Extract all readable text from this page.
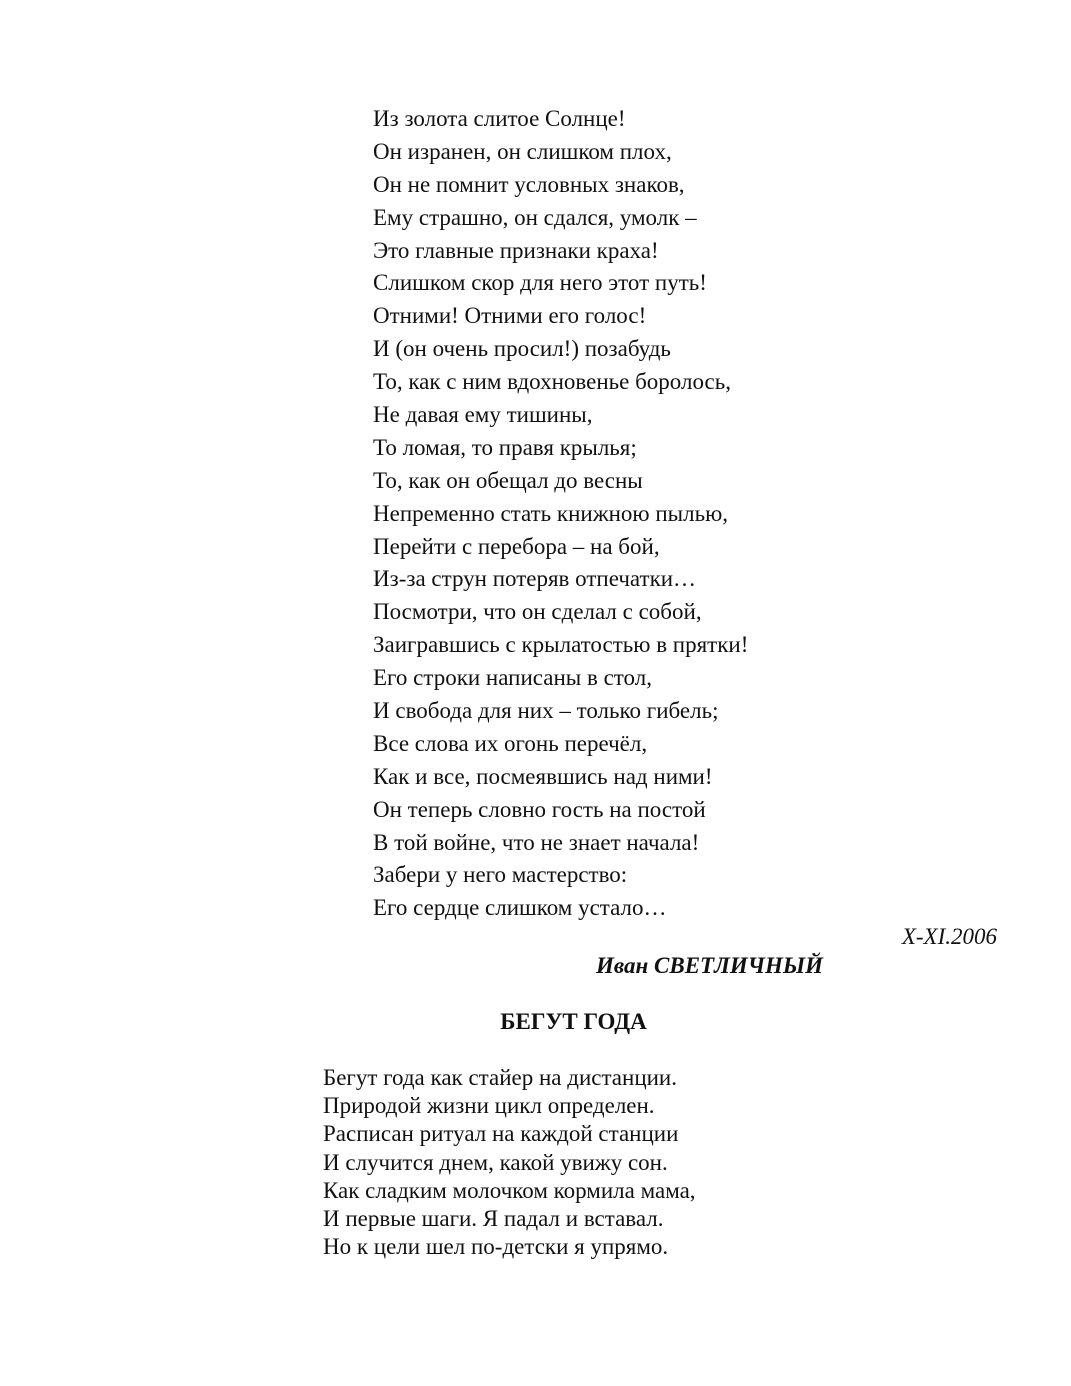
Из золота слитое Солнце!
Он изранен, он слишком плох,
Он не помнит условных знаков,
Ему страшно, он сдался, умолк –
Это главные признаки краха!
Слишком скор для него этот путь!
Отними! Отними его голос!
И (он очень просил!) позабудь
То, как с ним вдохновенье боролось,
Не давая ему тишины,
То ломая, то правя крылья;
То, как он обещал до весны
Непременно стать книжною пылью,
Перейти с перебора – на бой,
Из-за струн потеряв отпечатки…
Посмотри, что он сделал с собой,
Заигравшись с крылатостью в прятки!
Его строки написаны в стол,
И свобода для них – только гибель;
Все слова их огонь перечёл,
Как и все, посмеявшись над ними!
Он теперь словно гость на постой
В той войне, что не знает начала!
Забери у него мастерство:
Его сердце слишком устало…
X-XI.2006
Иван СВЕТЛИЧНЫЙ
БЕГУТ ГОДА
Бегут года как стайер на дистанции.
Природой жизни цикл определен.
Расписан ритуал на каждой станции
И случится днем, какой увижу сон.
Как сладким молочком кормила мама,
И первые шаги. Я падал и вставал.
Но к цели шел по-детски я упрямо.
